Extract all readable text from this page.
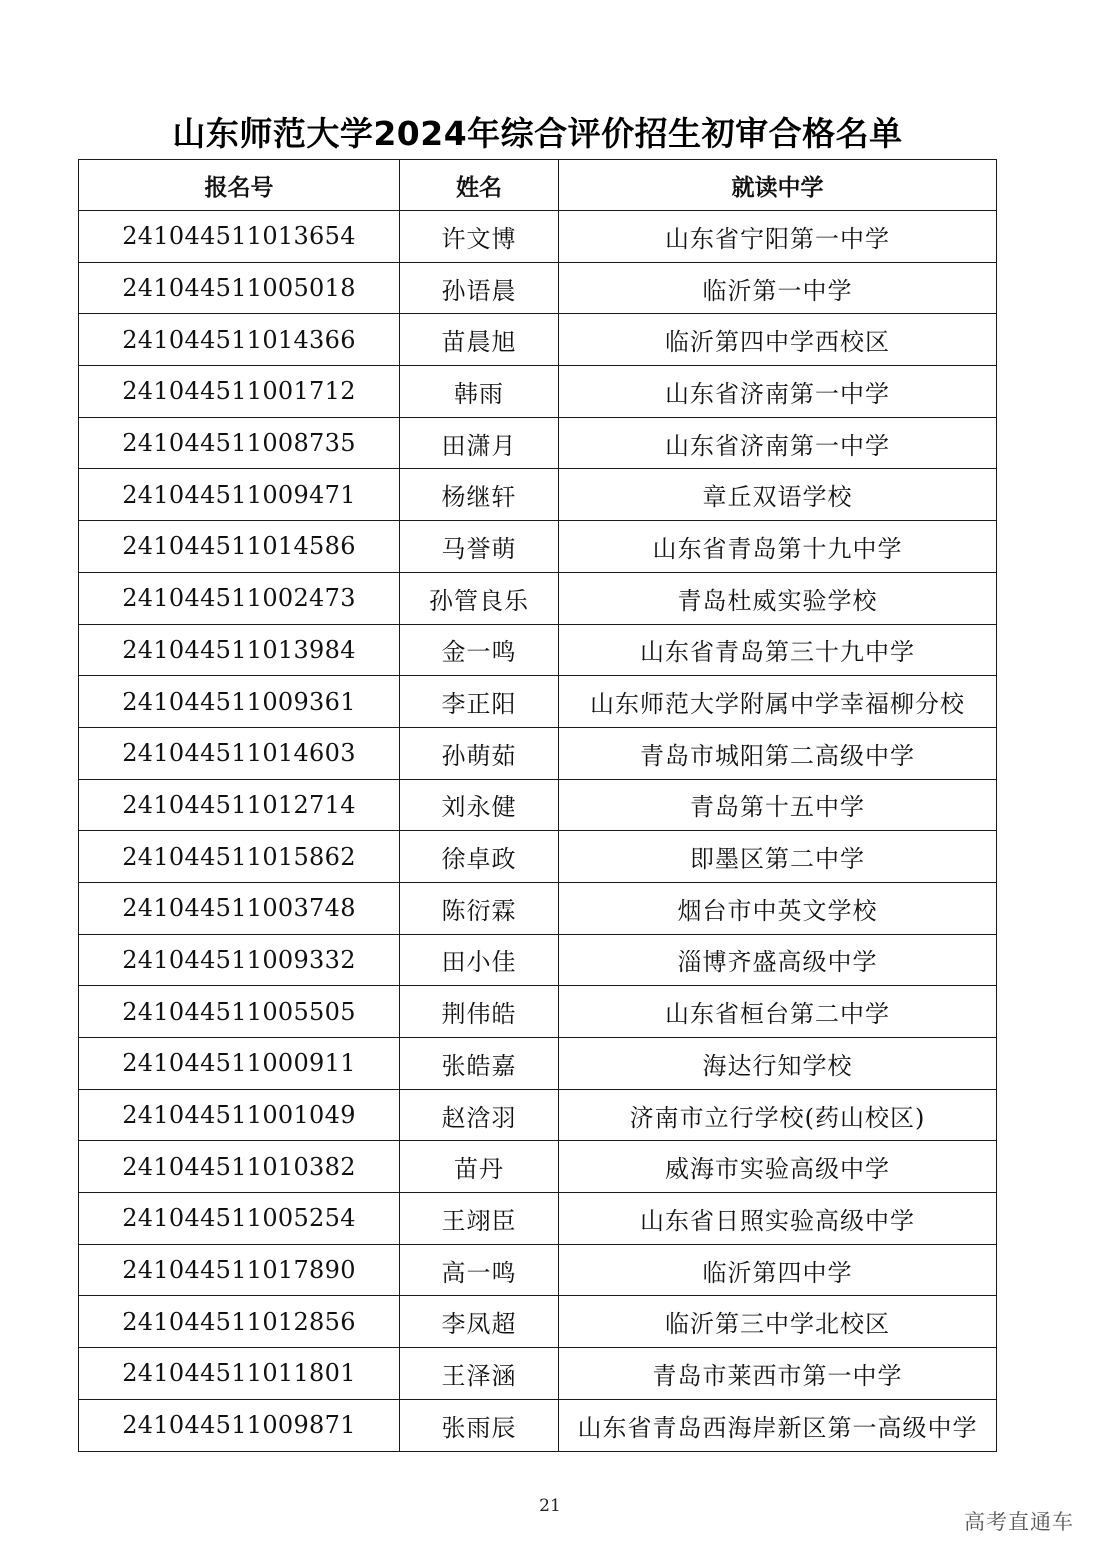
山东师范大学2024年综合评价招生初审合格名单
报名号	姓名	就读中学
241044511013654	许文博	山东省宁阳第一中学
241044511005018	孙语晨	临沂第一中学
241044511014366	苗晨旭	临沂第四中学西校区
241044511001712	韩雨	山东省济南第一中学
241044511008735	田潇月	山东省济南第一中学
241044511009471	杨继轩	章丘双语学校
241044511014586	马誉萌	山东省青岛第十九中学
241044511002473	孙管良乐	青岛杜威实验学校
241044511013984	金一鸣	山东省青岛第三十九中学
241044511009361	李正阳	山东师范大学附属中学幸福柳分校
241044511014603	孙萌茹	青岛市城阳第二高级中学
241044511012714	刘永健	青岛第十五中学
241044511015862	徐卓政	即墨区第二中学
241044511003748	陈衍霖	烟台市中英文学校
241044511009332	田小佳	淄博齐盛高级中学
241044511005505	荆伟皓	山东省桓台第二中学
241044511000911	张皓嘉	海达行知学校
241044511001049	赵浛羽	济南市立行学校(药山校区)
241044511010382	苗丹	威海市实验高级中学
241044511005254	王翊臣	山东省日照实验高级中学
241044511017890	高一鸣	临沂第四中学
241044511012856	李凤超	临沂第三中学北校区
241044511011801	王泽涵	青岛市莱西市第一中学
241044511009871	张雨辰	山东省青岛西海岸新区第一高级中学
21
高考直通车
